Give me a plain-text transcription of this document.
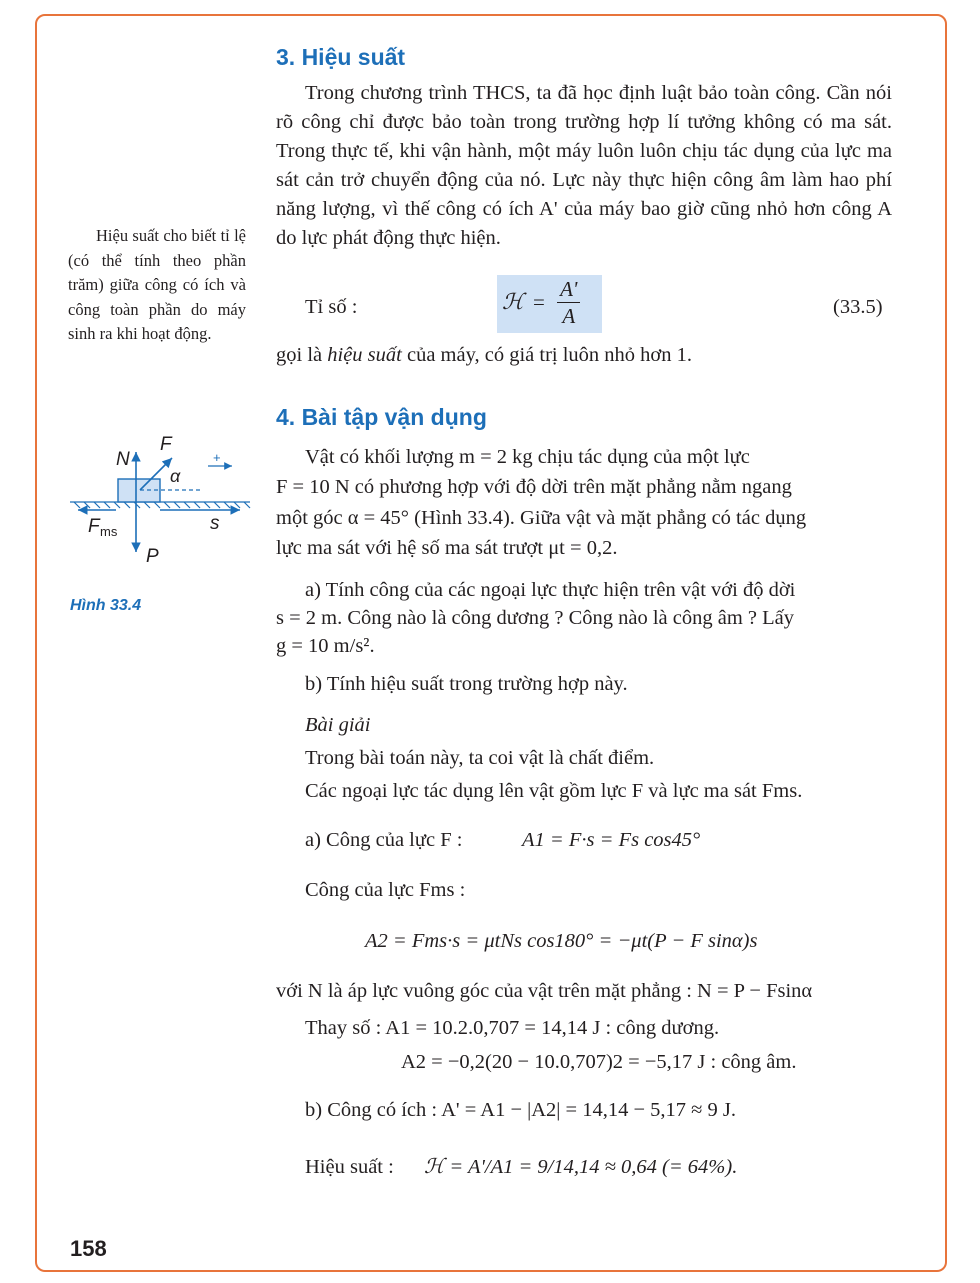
3. Hiệu suất
Trong chương trình THCS, ta đã học định luật bảo toàn công. Cần nói rõ công chỉ được bảo toàn trong trường hợp lí tưởng không có ma sát. Trong thực tế, khi vận hành, một máy luôn luôn chịu tác dụng của lực ma sát cản trở chuyển động của nó. Lực này thực hiện công âm làm hao phí năng lượng, vì thế công có ích A' của máy bao giờ cũng nhỏ hơn công A do lực phát động thực hiện.
Tỉ số :	ℋ = $\frac{A'}{A}$	(33.5)
gọi là hiệu suất của máy, có giá trị luôn nhỏ hơn 1.
Hiệu suất cho biết tỉ lệ (có thể tính theo phần trăm) giữa công có ích và công toàn phần do máy sinh ra khi hoạt động.
+
N
F
α
F ms	s
P
Hình 33.4
4. Bài tập vận dụng
Vật có khối lượng m = 2 kg chịu tác dụng của một lực
F = 10 N có phương hợp với độ dời trên mặt phẳng nằm ngang
một góc α = 45° (Hình 33.4). Giữa vật và mặt phẳng có tác dụng
lực ma sát với hệ số ma sát trượt μt = 0,2.
a) Tính công của các ngoại lực thực hiện trên vật với độ dời
s = 2 m. Công nào là công dương ? Công nào là công âm ? Lấy
g = 10 m/s².
b) Tính hiệu suất trong trường hợp này.
Bài giải
Trong bài toán này, ta coi vật là chất điểm.
Các ngoại lực tác dụng lên vật gồm lực F và lực ma sát Fms.
a) Công của lực F :	A1 = F·s = Fs cos45°
Công của lực Fms :
A2 = Fms·s = μtNs cos180° = −μt(P − F sinα)s
với N là áp lực vuông góc của vật trên mặt phẳng : N = P − Fsinα
Thay số : A1 = 10.2.0,707 = 14,14 J : công dương.
A2 = −0,2(20 − 10.0,707)2 = −5,17 J : công âm.
b) Công có ích : A' = A1 − |A2| = 14,14 − 5,17 ≈ 9 J.
Hiệu suất : ℋ = A'/A1 = 9/14,14 ≈ 0,64 (= 64%).
158
